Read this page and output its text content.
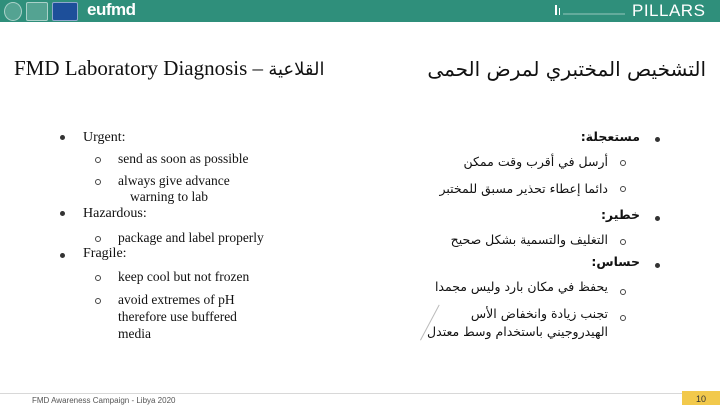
eufmd	PILLARS
FMD Laboratory Diagnosis – القلاعية	التشخيص المختبري لمرض الحمى
Urgent:
send as soon as possible
always give advance
warning to lab
Hazardous:
package and label properly
Fragile:
keep cool but not frozen
avoid extremes of pH
therefore use buffered
media
مستعجلة:
أرسل في أقرب وقت ممكن
دائما إعطاء تحذير مسبق للمختبر
خطير:
التغليف والتسمية بشكل صحيح
حساس:
يحفظ في مكان بارد وليس مجمدا
تجنب زيادة وانخفاض الأس
الهيدروجيني باستخدام وسط معتدل
FMD Awareness Campaign - Libya 2020	10
